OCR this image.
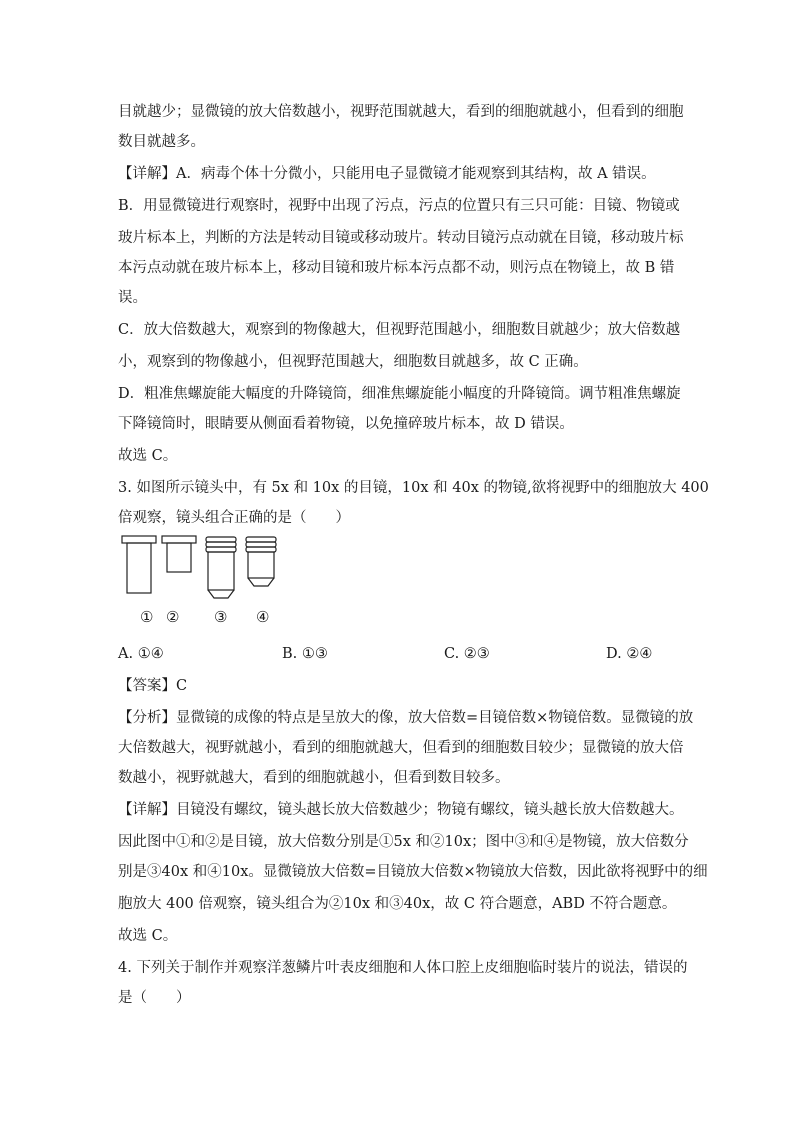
目就越少；显微镜的放大倍数越小，视野范围就越大，看到的细胞就越小，但看到的细胞
数目就越多。
【详解】A．病毒个体十分微小，只能用电子显微镜才能观察到其结构，故 A 错误。
B．用显微镜进行观察时，视野中出现了污点，污点的位置只有三只可能：目镜、物镜或
玻片标本上，判断的方法是转动目镜或移动玻片。转动目镜污点动就在目镜，移动玻片标
本污点动就在玻片标本上，移动目镜和玻片标本污点都不动，则污点在物镜上，故 B 错
误。
C．放大倍数越大，观察到的物像越大，但视野范围越小，细胞数目就越少；放大倍数越
小，观察到的物像越小，但视野范围越大，细胞数目就越多，故 C 正确。
D．粗准焦螺旋能大幅度的升降镜筒，细准焦螺旋能小幅度的升降镜筒。调节粗准焦螺旋
下降镜筒时，眼睛要从侧面看着物镜，以免撞碎玻片标本，故 D 错误。
故选 C。
3. 如图所示镜头中，有 5x 和 10x 的目镜，10x 和 40x 的物镜,欲将视野中的细胞放大 400
倍观察，镜头组合正确的是（　　）
① ② ③ ④
A. ①④	B. ①③	C. ②③	D. ②④
【答案】C
【分析】显微镜的成像的特点是呈放大的像，放大倍数=目镜倍数×物镜倍数。显微镜的放
大倍数越大，视野就越小，看到的细胞就越大，但看到的细胞数目较少；显微镜的放大倍
数越小，视野就越大，看到的细胞就越小，但看到数目较多。
【详解】目镜没有螺纹，镜头越长放大倍数越少；物镜有螺纹，镜头越长放大倍数越大。
因此图中①和②是目镜，放大倍数分别是①5x 和②10x；图中③和④是物镜，放大倍数分
别是③40x 和④10x。显微镜放大倍数=目镜放大倍数×物镜放大倍数，因此欲将视野中的细
胞放大 400 倍观察，镜头组合为②10x 和③40x，故 C 符合题意，ABD 不符合题意。
故选 C。
4. 下列关于制作并观察洋葱鳞片叶表皮细胞和人体口腔上皮细胞临时装片的说法，错误的
是（　　）
